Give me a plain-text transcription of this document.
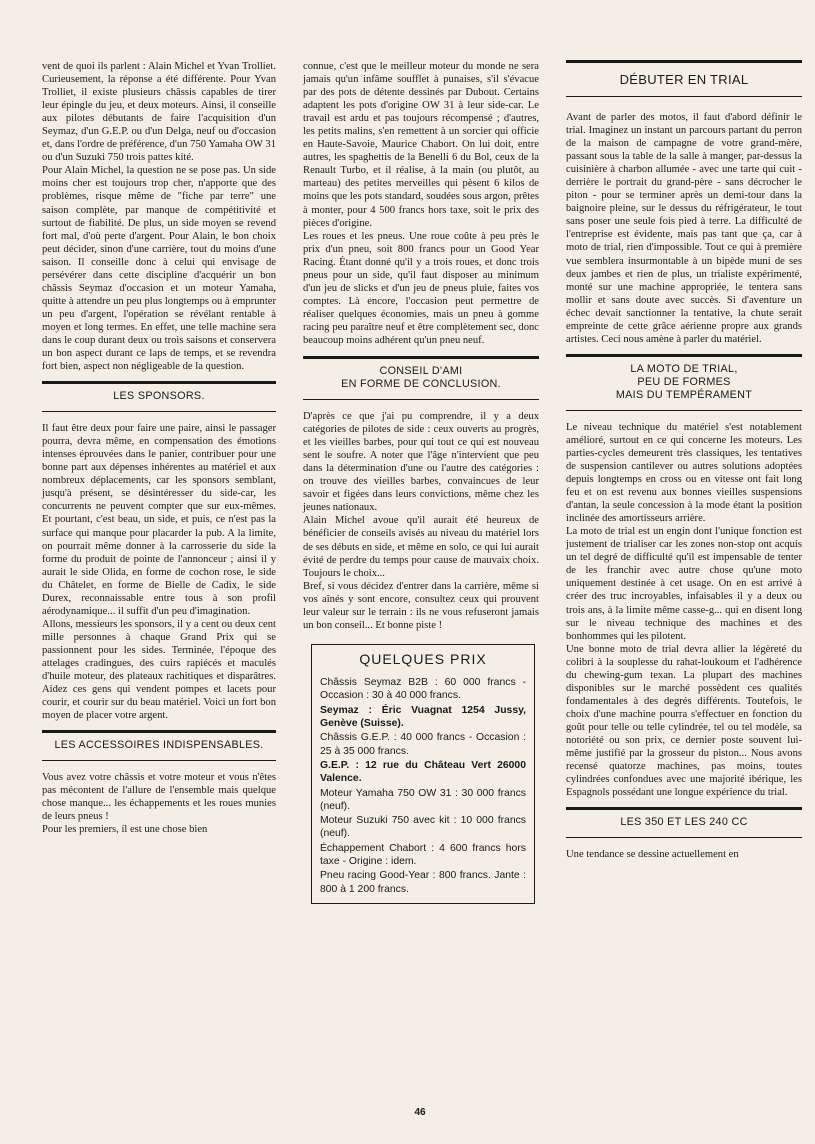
vent de quoi ils parlent : Alain Michel et Yvan Trolliet. Curieusement, la réponse a été différente. Pour Yvan Trolliet, il existe plusieurs châssis capables de tirer leur épingle du jeu, et deux moteurs. Ainsi, il conseille aux pilotes débutants de faire l'acquisition d'un Seymaz, d'un G.E.P. ou d'un Delga, neuf ou d'occasion et, dans l'ordre de préférence, d'un 750 Yamaha OW 31 ou d'un Suzuki 750 trois pattes kité.

Pour Alain Michel, la question ne se pose pas. Un side moins cher est toujours trop cher, n'apporte que des problèmes, risque même de "fiche par terre" une saison complète, par manque de compétitivité et surtout de fiabilité. De plus, un side moyen se revend fort mal, d'où perte d'argent. Pour Alain, le bon choix peut décider, sinon d'une carrière, tout du moins d'une saison. Il conseille donc à celui qui envisage de persévérer dans cette discipline d'acquérir un bon châssis Seymaz d'occasion et un moteur Yamaha, quitte à attendre un peu plus longtemps ou à emprunter un peu d'argent, l'opération se révélant rentable à moyen et long termes. En effet, une telle machine sera dans le coup durant deux ou trois saisons et conservera un bon aspect durant ce laps de temps, et se revendra fort bien, aspect non négligeable de la question.

LES SPONSORS.

Il faut être deux pour faire une paire, ainsi le passager pourra, devra même, en compensation des émotions intenses éprouvées dans le panier, contribuer pour une bonne part aux dépenses inhérentes au matériel et aux nombreux déplacements, car les sponsors semblant, jusqu'à présent, se désintéresser du side-car, les concurrents ne peuvent compter que sur eux-mêmes. Et pourtant, c'est beau, un side, et puis, ce n'est pas la surface qui manque pour placarder la pub. A la limite, on pourrait même donner à la carrosserie du side la forme du produit de pointe de l'annonceur ; ainsi il y aurait le side Olida, en forme de cochon rose, le side du Châtelet, en forme de Bielle de Cadix, le side Durex, reconnaissable entre tous à son profil aérodynamique... il suffit d'un peu d'imagination.

Allons, messieurs les sponsors, il y a cent ou deux cent mille personnes à chaque Grand Prix qui se passionnent pour les sides. Terminée, l'époque des attelages cradingues, des cuirs rapiécés et maculés d'huile moteur, des plateaux rachitiques et disparâtres. Aidez ces gens qui vendent pompes et lacets pour courir, et courir sur du beau matériel. Voici un fort bon moyen de placer votre argent.

LES ACCESSOIRES INDISPENSABLES.

Vous avez votre châssis et votre moteur et vous n'êtes pas mécontent de l'allure de l'ensemble mais quelque chose manque... les échappements et les roues munies de leurs pneus !

Pour les premiers, il est une chose bien

connue, c'est que le meilleur moteur du monde ne sera jamais qu'un infâme soufflet à punaises, s'il s'évacue par des pots de détente dessinés par Dubout. Certains adaptent les pots d'origine OW 31 à leur side-car. Le travail est ardu et pas toujours récompensé ; d'autres, les petits malins, s'en remettent à un sorcier qui officie en Haute-Savoie, Maurice Chabort. On lui doit, entre autres, les spaghettis de la Benelli 6 du Bol, ceux de la Renault Turbo, et il réalise, à la main (ou plutôt, au marteau) des petites merveilles qui pèsent 6 kilos de moins que les pots standard, soudées sous argon, prêtes à monter, pour 4 500 francs hors taxe, soit le prix des pièces d'origine.

Les roues et les pneus. Une roue coûte à peu près le prix d'un pneu, soit 800 francs pour un Good Year Racing. Étant donné qu'il y a trois roues, et donc trois pneus pour un side, qu'il faut disposer au minimum d'un jeu de slicks et d'un jeu de pneus pluie, faites vos comptes. Là encore, l'occasion peut permettre de réaliser quelques économies, mais un pneu à gomme racing peu paraître neuf et être complètement sec, donc beaucoup moins adhérent qu'un pneu neuf.

CONSEIL D'AMI
EN FORME DE CONCLUSION.

D'après ce que j'ai pu comprendre, il y a deux catégories de pilotes de side : ceux ouverts au progrès, et les vieilles barbes, pour qui tout ce qui est nouveau sent le soufre. A noter que l'âge n'intervient que peu dans la détermination d'une ou l'autre des catégories : on trouve des vieilles barbes, convaincues de leur savoir et figées dans leurs convictions, même chez les jeunes nationaux.

Alain Michel avoue qu'il aurait été heureux de bénéficier de conseils avisés au niveau du matériel lors de ses débuts en side, et même en solo, ce qui lui aurait évité de perdre du temps pour cause de mauvaix choix. Toujours le choix...

Bref, si vous décidez d'entrer dans la carrière, même si vos aînés y sont encore, consultez ceux qui prouvent leur valeur sur le terrain : ils ne vous refuseront jamais un bon conseil... Et bonne piste !

QUELQUES PRIX
Châssis Seymaz B2B : 60 000 francs - Occasion : 30 à 40 000 francs.
Seymaz : Éric Vuagnat 1254 Jussy, Genève (Suisse).
Châssis G.E.P. : 40 000 francs - Occasion : 25 à 35 000 francs.
G.E.P. : 12 rue du Château Vert 26000 Valence.
Moteur Yamaha 750 OW 31 : 30 000 francs (neuf).
Moteur Suzuki 750 avec kit : 10 000 francs (neuf).
Échappement Chabort : 4 600 francs hors taxe - Origine : idem.
Pneu racing Good-Year : 800 francs. Jante : 800 à 1 200 francs.
DÉBUTER EN TRIAL

Avant de parler des motos, il faut d'abord définir le trial. Imaginez un instant un parcours partant du perron de la maison de campagne de votre grand-mère, passant sous la table de la salle à manger, par-dessus la cuisinière à charbon allumée - avec une tarte qui cuit - derrière le portrait du grand-père - sans décrocher le piton - pour se terminer après un demi-tour dans la baignoire pleine, sur le dessus du réfrigérateur, le tout sans poser une seule fois pied à terre. La difficulté de l'entreprise est évidente, mais pas tant que ça, car à moto de trial, rien d'impossible. Tout ce qui à première vue semblera insurmontable à un bipède muni de ses deux jambes et rien de plus, un trialiste expérimenté, monté sur une machine appropriée, le tentera sans mollir et sans doute avec succès. Si d'aventure un échec devait sanctionner la tentative, la chute serait empreinte de cette grâce aérienne propre aux grands artistes. Ceci nous amène à parler du matériel.

LA MOTO DE TRIAL,
PEU DE FORMES
MAIS DU TEMPÉRAMENT

Le niveau technique du matériel s'est notablement amélioré, surtout en ce qui concerne les moteurs. Les parties-cycles demeurent très classiques, les tentatives de suspension cantilever ou autres solutions adoptées depuis longtemps en cross ou en vitesse ont fait long feu et on est revenu aux bonnes vieilles suspensions d'antan, la seule concession à la mode étant la position inclinée des amortisseurs arrière.

La moto de trial est un engin dont l'unique fonction est justement de trialiser car les zones non-stop ont acquis un tel degré de difficulté qu'il est impensable de tenter de les franchir avec autre chose qu'une moto uniquement destinée à cet usage. On en est arrivé à créer des truc incroyables, infaisables il y a deux ou trois ans, à la limite même casse-g... qui en disent long sur le niveau technique des machines et des bonhommes qui les pilotent.

Une bonne moto de trial devra allier la légèreté du colibri à la souplesse du rahat-loukoum et l'adhérence du chewing-gum texan. La plupart des machines disponibles sur le marché possèdent ces qualités fondamentales à des degrés différents. Toutefois, le choix d'une machine pourra s'effectuer en fonction du goût pour telle ou telle cylindrée, tel ou tel modèle, sa notoriété ou son prix, ce dernier poste souvent lui-même justifié par la grosseur du piston... Nous avons recensé quatorze machines, pas moins, toutes cylindrées confondues avec une majorité ibérique, les Espagnols possédant une longue expérience du trial.

LES 350 ET LES 240 CC

Une tendance se dessine actuellement en

46
